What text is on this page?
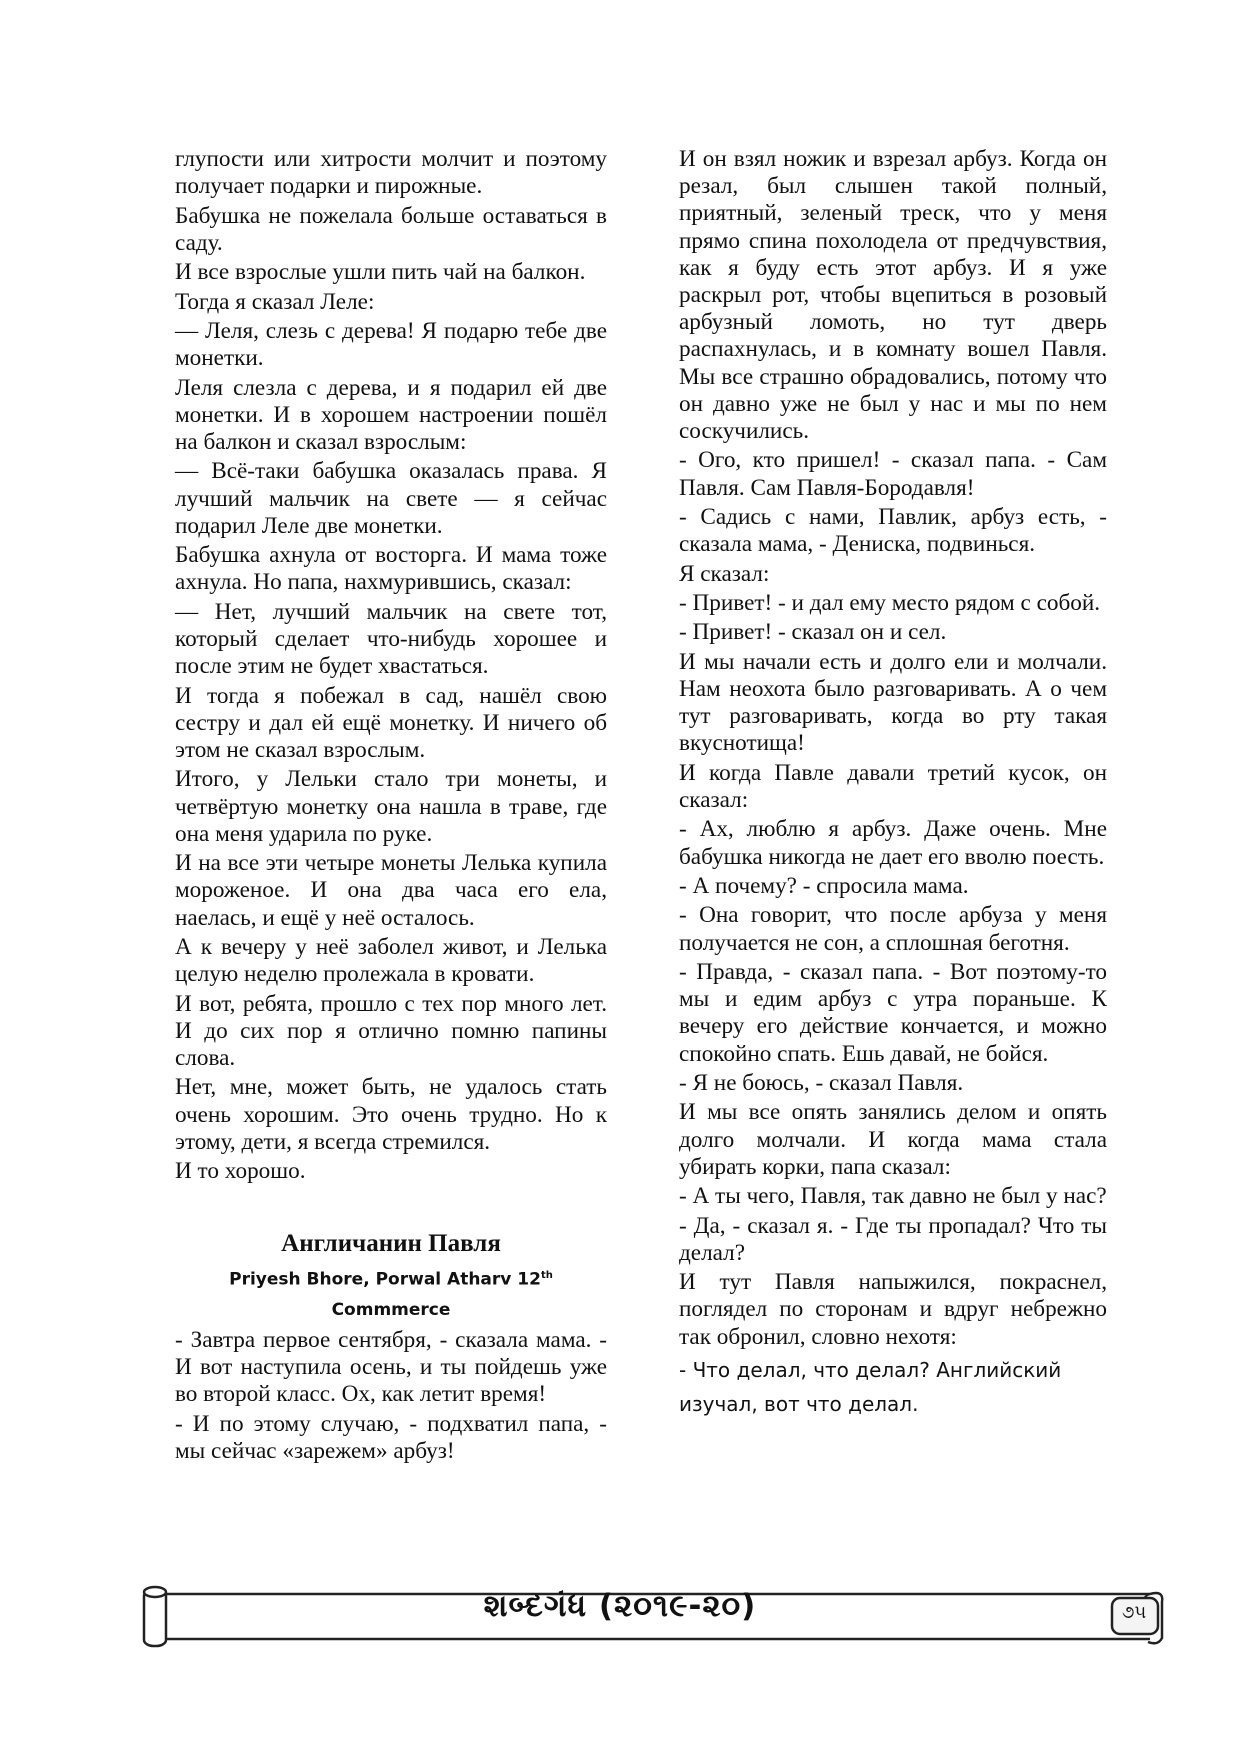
глупости или хитрости молчит и поэтому получает подарки и пирожные.

Бабушка не пожелала больше оставаться в саду.

И все взрослые ушли пить чай на балкон.

Тогда я сказал Леле:

— Леля, слезь с дерева! Я подарю тебе две монетки.

Леля слезла с дерева, и я подарил ей две монетки. И в хорошем настроении пошёл на балкон и сказал взрослым:

— Всё-таки бабушка оказалась права. Я лучший мальчик на свете — я сейчас подарил Леле две монетки.

Бабушка ахнула от восторга. И мама тоже ахнула. Но папа, нахмурившись, сказал:

— Нет, лучший мальчик на свете тот, который сделает что-нибудь хорошее и после этим не будет хвастаться.

И тогда я побежал в сад, нашёл свою сестру и дал ей ещё монетку. И ничего об этом не сказал взрослым.

Итого, у Лельки стало три монеты, и четвёртую монетку она нашла в траве, где она меня ударила по руке.

И на все эти четыре монеты Лелька купила мороженое. И она два часа его ела, наелась, и ещё у неё осталось.

А к вечеру у неё заболел живот, и Лелька целую неделю пролежала в кровати.

И вот, ребята, прошло с тех пор много лет. И до сих пор я отлично помню папины слова.

Нет, мне, может быть, не удалось стать очень хорошим. Это очень трудно. Но к этому, дети, я всегда стремился.

И то хорошо.

Англичанин Павля
Priyesh Bhore, Porwal Atharv 12th
Commmerce

- Завтра первое сентября, - сказала мама. - И вот наступила осень, и ты пойдешь уже во второй класс. Ох, как летит время!

- И по этому случаю, - подхватил папа, - мы сейчас «зарежем» арбуз!

И он взял ножик и взрезал арбуз. Когда он резал, был слышен такой полный, приятный, зеленый треск, что у меня прямо спина похолодела от предчувствия, как я буду есть этот арбуз. И я уже раскрыл рот, чтобы вцепиться в розовый арбузный ломоть, но тут дверь распахнулась, и в комнату вошел Павля. Мы все страшно обрадовались, потому что он давно уже не был у нас и мы по нем соскучились.

- Ого, кто пришел! - сказал папа. - Сам Павля. Сам Павля-Бородавля!

- Садись с нами, Павлик, арбуз есть, - сказала мама, - Дениска, подвинься.

Я сказал:

- Привет! - и дал ему место рядом с собой.

- Привет! - сказал он и сел.

И мы начали есть и долго ели и молчали. Нам неохота было разговаривать. А о чем тут разговаривать, когда во рту такая вкуснотища!

И когда Павле давали третий кусок, он сказал:

- Ах, люблю я арбуз. Даже очень. Мне бабушка никогда не дает его вволю поесть.

- А почему? - спросила мама.

- Она говорит, что после арбуза у меня получается не сон, а сплошная беготня.

- Правда, - сказал папа. - Вот поэтому-то мы и едим арбуз с утра пораньше. К вечеру его действие кончается, и можно спокойно спать. Ешь давай, не бойся.

- Я не боюсь, - сказал Павля.

И мы все опять занялись делом и опять долго молчали. И когда мама стала убирать корки, папа сказал:

- А ты чего, Павля, так давно не был у нас?

- Да, - сказал я. - Где ты пропадал? Что ты делал?

И тут Павля напыжился, покраснел, поглядел по сторонам и вдруг небрежно так обронил, словно нехотя:

- Что делал, что делал? Английский изучал, вот что делал.

શબ્દગંધ (૨૦૧૯-૨૦)	૭૫
